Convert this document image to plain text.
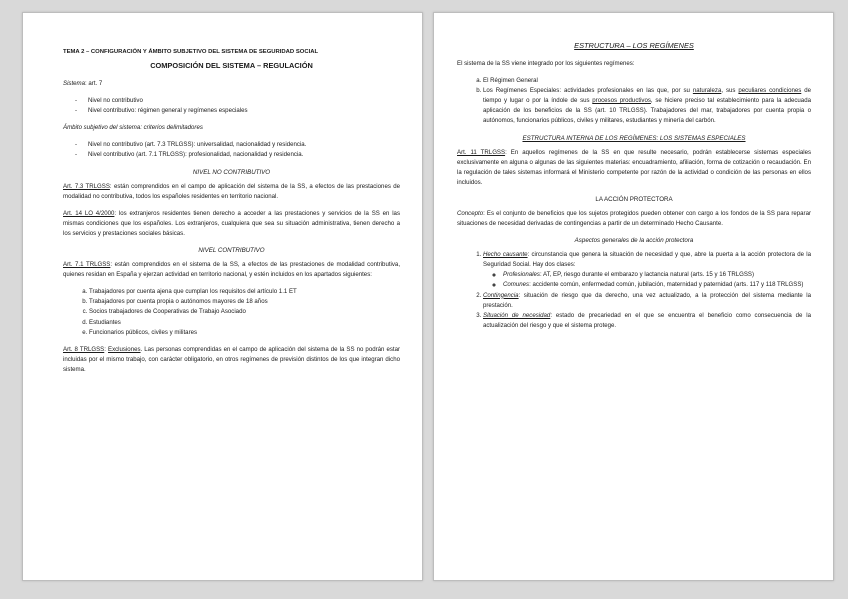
TEMA 2 – CONFIGURACIÓN Y ÁMBITO SUBJETIVO DEL SISTEMA DE SEGURIDAD SOCIAL

COMPOSICIÓN DEL SISTEMA – REGULACIÓN

Sistema: art. 7

- Nivel no contributivo
- Nivel contributivo: régimen general y regímenes especiales

Ámbito subjetivo del sistema: criterios delimitadores

- Nivel no contributivo (art. 7.3 TRLGSS): universalidad, nacionalidad y residencia.
- Nivel contributivo (art. 7.1 TRLGSS): profesionalidad, nacionalidad y residencia.

NIVEL NO CONTRIBUTIVO

Art. 7.3 TRLGSS: están comprendidos en el campo de aplicación del sistema de la SS, a efectos de las prestaciones de modalidad no contributiva, todos los españoles residentes en territorio nacional.

Art. 14 LO 4/2000: los extranjeros residentes tienen derecho a acceder a las prestaciones y servicios de la SS en las mismas condiciones que los españoles. Los extranjeros, cualquiera que sea su situación administrativa, tienen derecho a los servicios y prestaciones sociales básicas.

NIVEL CONTRIBUTIVO

Art. 7.1 TRLGSS: están comprendidos en el sistema de la SS, a efectos de las prestaciones de modalidad contributiva, quienes residan en España y ejerzan actividad en territorio nacional, y estén incluidos en los apartados siguientes:

a. Trabajadores por cuenta ajena que cumplan los requisitos del artículo 1.1 ET
b. Trabajadores por cuenta propia o autónomos mayores de 18 años
c. Socios trabajadores de Cooperativas de Trabajo Asociado
d. Estudiantes
e. Funcionarios públicos, civiles y militares

Art. 8 TRLGSS: Exclusiones. Las personas comprendidas en el campo de aplicación del sistema de la SS no podrán estar incluidas por el mismo trabajo, con carácter obligatorio, en otros regímenes de previsión distintos de los que integran dicho sistema.

ESTRUCTURA – LOS REGÍMENES

El sistema de la SS viene integrado por los siguientes regímenes:

a. El Régimen General
b. Los Regímenes Especiales: actividades profesionales en las que, por su naturaleza, sus peculiares condiciones de tiempo y lugar o por la índole de sus procesos productivos, se hiciere preciso tal establecimiento para la adecuada aplicación de los beneficios de la SS (art. 10 TRLGSS). Trabajadores del mar, trabajadores por cuenta propia o autónomos, funcionarios públicos, civiles y militares, estudiantes y minería del carbón.

ESTRUCTURA INTERNA DE LOS REGÍMENES: LOS SISTEMAS ESPECIALES

Art. 11 TRLGSS: En aquellos regímenes de la SS en que resulte necesario, podrán establecerse sistemas especiales exclusivamente en alguna o algunas de las siguientes materias: encuadramiento, afiliación, forma de cotización o recaudación. En la regulación de tales sistemas informará el Ministerio competente por razón de la actividad o condición de las personas en ellos incluidos.

LA ACCIÓN PROTECTORA

Concepto: Es el conjunto de beneficios que los sujetos protegidos pueden obtener con cargo a los fondos de la SS para reparar situaciones de necesidad derivadas de contingencias a partir de un determinado Hecho Causante.

Aspectos generales de la acción protectora

1. Hecho causante: circunstancia que genera la situación de necesidad y que, abre la puerta a la acción protectora de la Seguridad Social. Hay dos clases:
◦ Profesionales: AT, EP, riesgo durante el embarazo y lactancia natural (arts. 15 y 16 TRLGSS)
◦ Comunes: accidente común, enfermedad común, jubilación, maternidad y paternidad (arts. 117 y 118 TRLGSS)
2. Contingencia: situación de riesgo que da derecho, una vez actualizado, a la protección del sistema mediante la prestación.
3. Situación de necesidad: estado de precariedad en el que se encuentra el beneficio como consecuencia de la actualización del riesgo y que el sistema protege.
